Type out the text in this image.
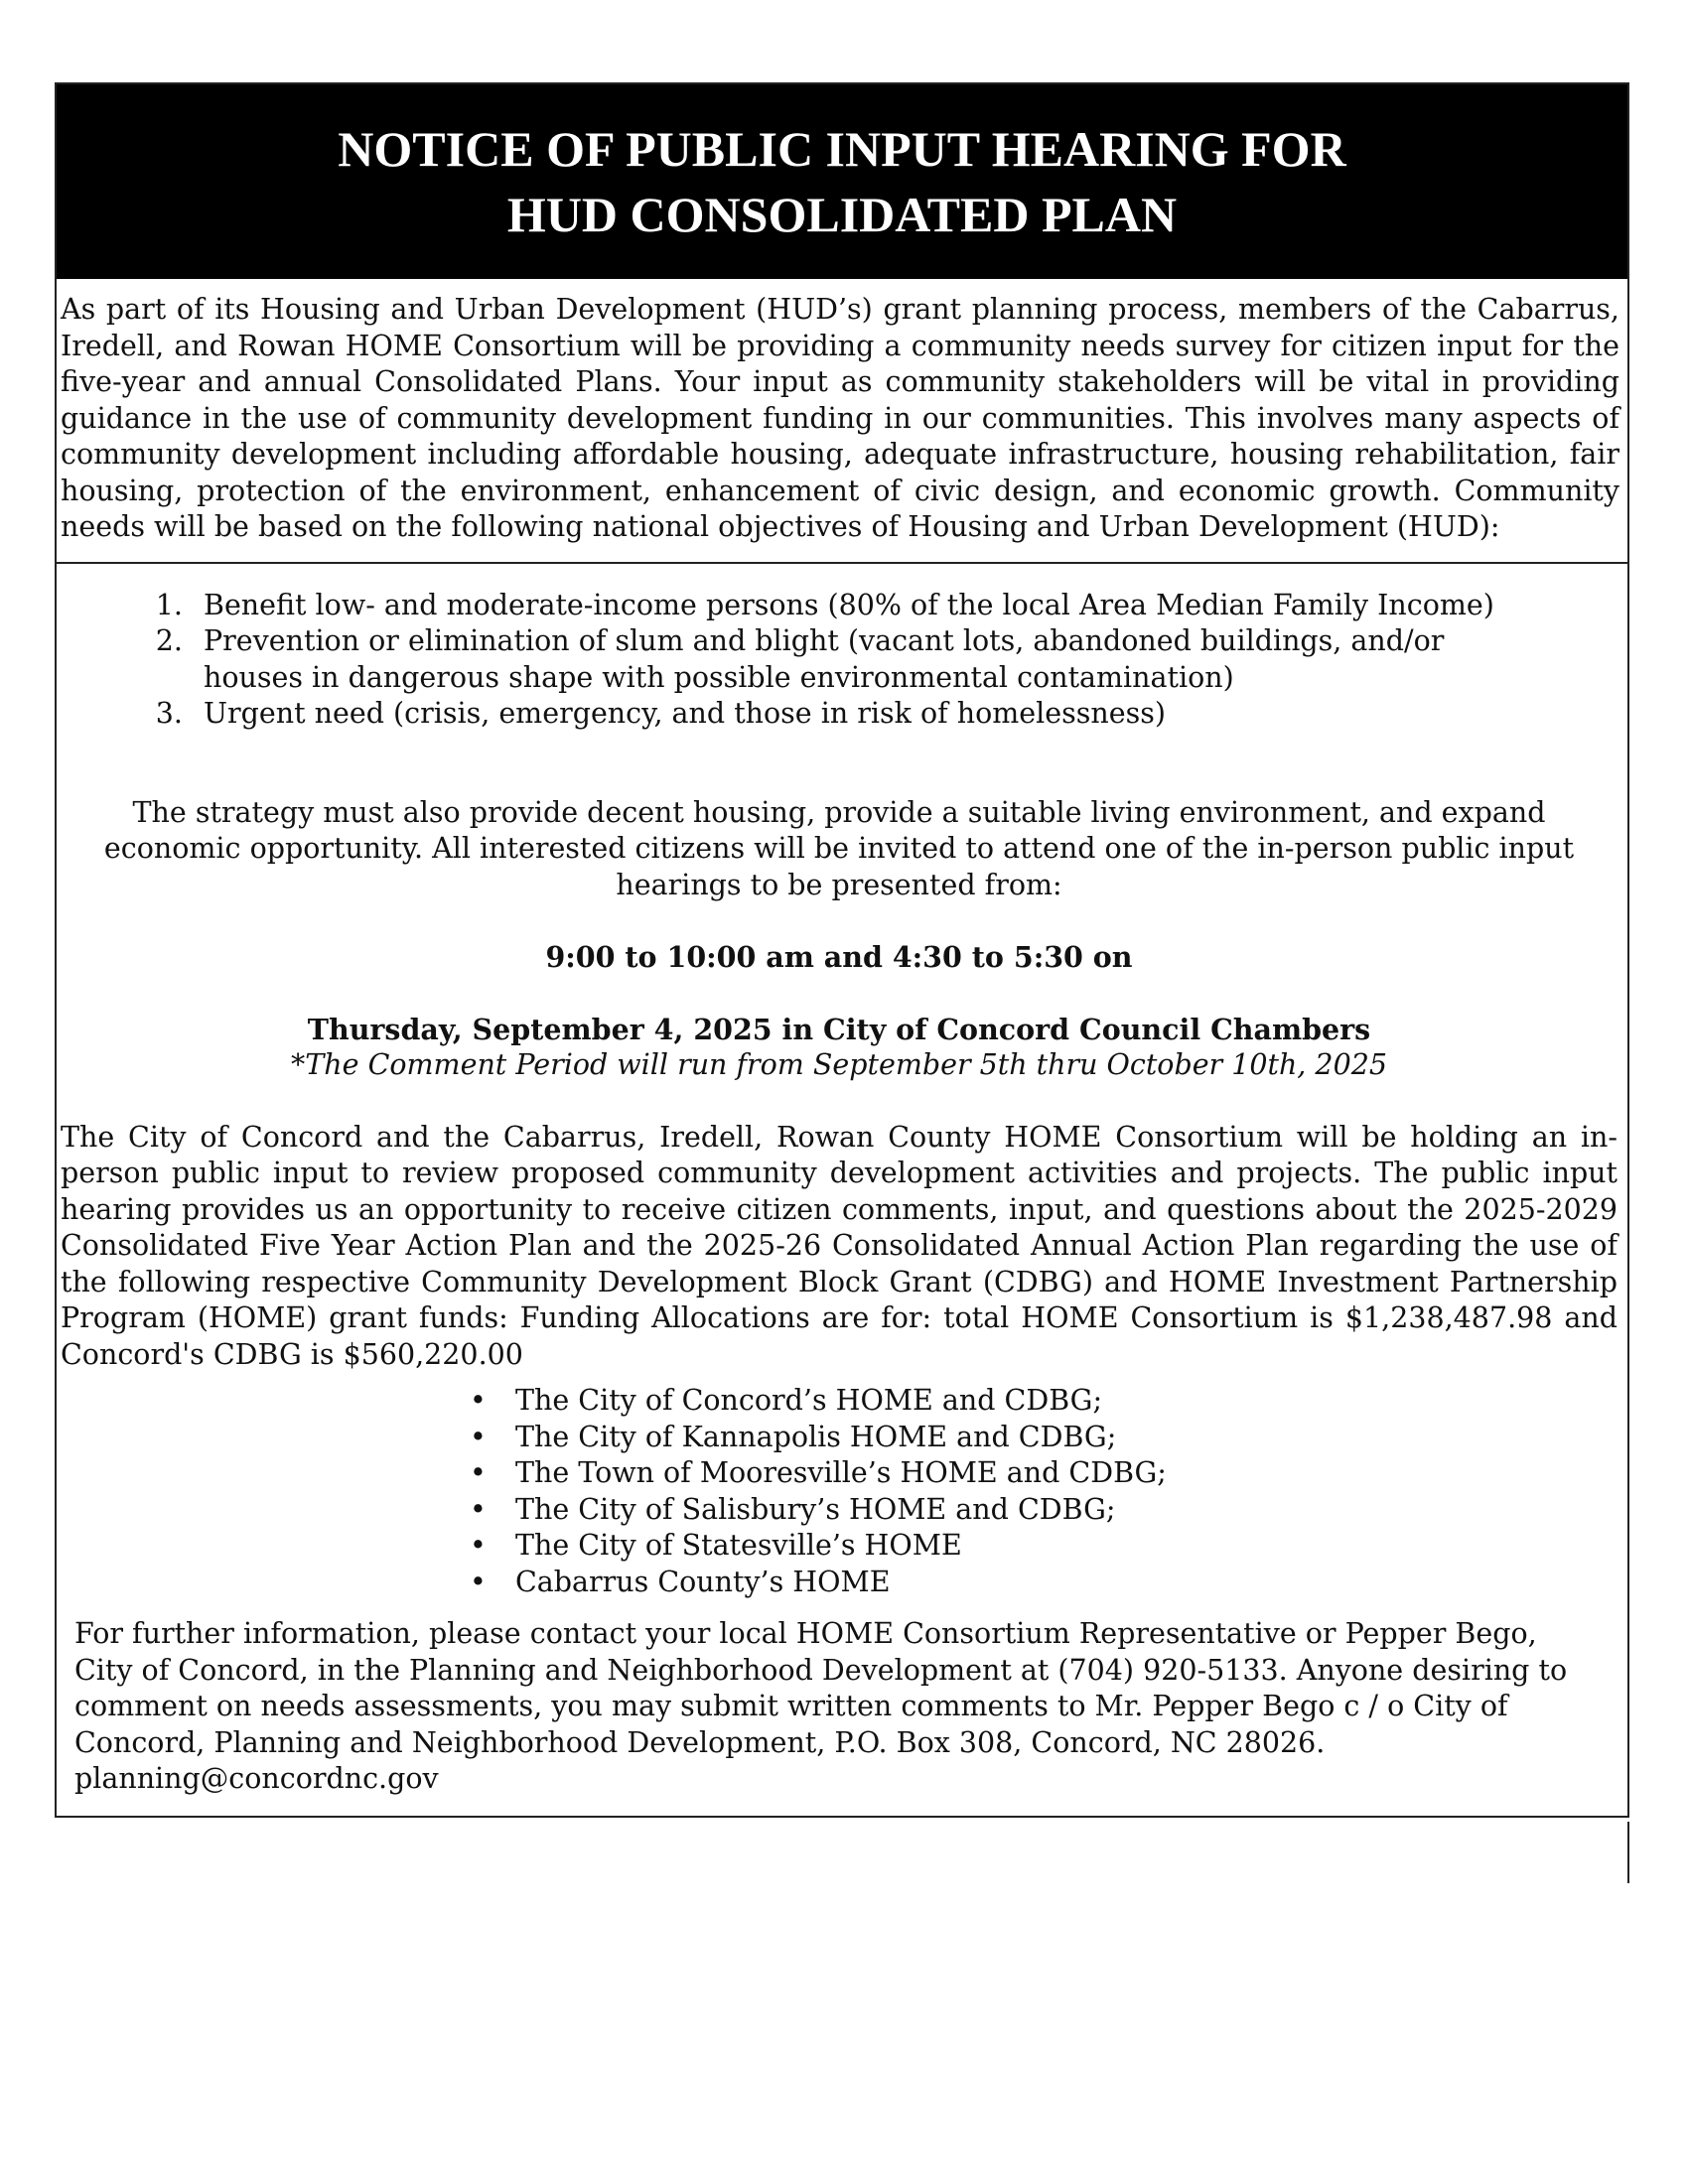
NOTICE OF PUBLIC INPUT HEARING FOR
HUD CONSOLIDATED PLAN
As part of its Housing and Urban Development (HUD’s) grant planning process, members of the Cabarrus, Iredell, and Rowan HOME Consortium will be providing a community needs survey for citizen input for the five-year and annual Consolidated Plans. Your input as community stakeholders will be vital in providing guidance in the use of community development funding in our communities. This involves many aspects of community development including affordable housing, adequate infrastructure, housing rehabilitation, fair housing, protection of the environment, enhancement of civic design, and economic growth. Community needs will be based on the following national objectives of Housing and Urban Development (HUD):
1. Benefit low- and moderate-income persons (80% of the local Area Median Family Income)
2. Prevention or elimination of slum and blight (vacant lots, abandoned buildings, and/or houses in dangerous shape with possible environmental contamination)
3. Urgent need (crisis, emergency, and those in risk of homelessness)
The strategy must also provide decent housing, provide a suitable living environment, and expand economic opportunity. All interested citizens will be invited to attend one of the in-person public input hearings to be presented from:
9:00 to 10:00 am and 4:30 to 5:30 on
Thursday, September 4, 2025 in City of Concord Council Chambers
*The Comment Period will run from September 5th thru October 10th, 2025
The City of Concord and the Cabarrus, Iredell, Rowan County HOME Consortium will be holding an in-person public input to review proposed community development activities and projects. The public input hearing provides us an opportunity to receive citizen comments, input, and questions about the 2025-2029 Consolidated Five Year Action Plan and the 2025-26 Consolidated Annual Action Plan regarding the use of the following respective Community Development Block Grant (CDBG) and HOME Investment Partnership Program (HOME) grant funds: Funding Allocations are for: total HOME Consortium is $1,238,487.98 and Concord's CDBG is $560,220.00
• The City of Concord’s HOME and CDBG;
• The City of Kannapolis HOME and CDBG;
• The Town of Mooresville’s HOME and CDBG;
• The City of Salisbury’s HOME and CDBG;
• The City of Statesville’s HOME
• Cabarrus County’s HOME
For further information, please contact your local HOME Consortium Representative or Pepper Bego, City of Concord, in the Planning and Neighborhood Development at (704) 920-5133. Anyone desiring to comment on needs assessments, you may submit written comments to Mr. Pepper Bego c / o City of Concord, Planning and Neighborhood Development, P.O. Box 308, Concord, NC 28026. planning@concordnc.gov
